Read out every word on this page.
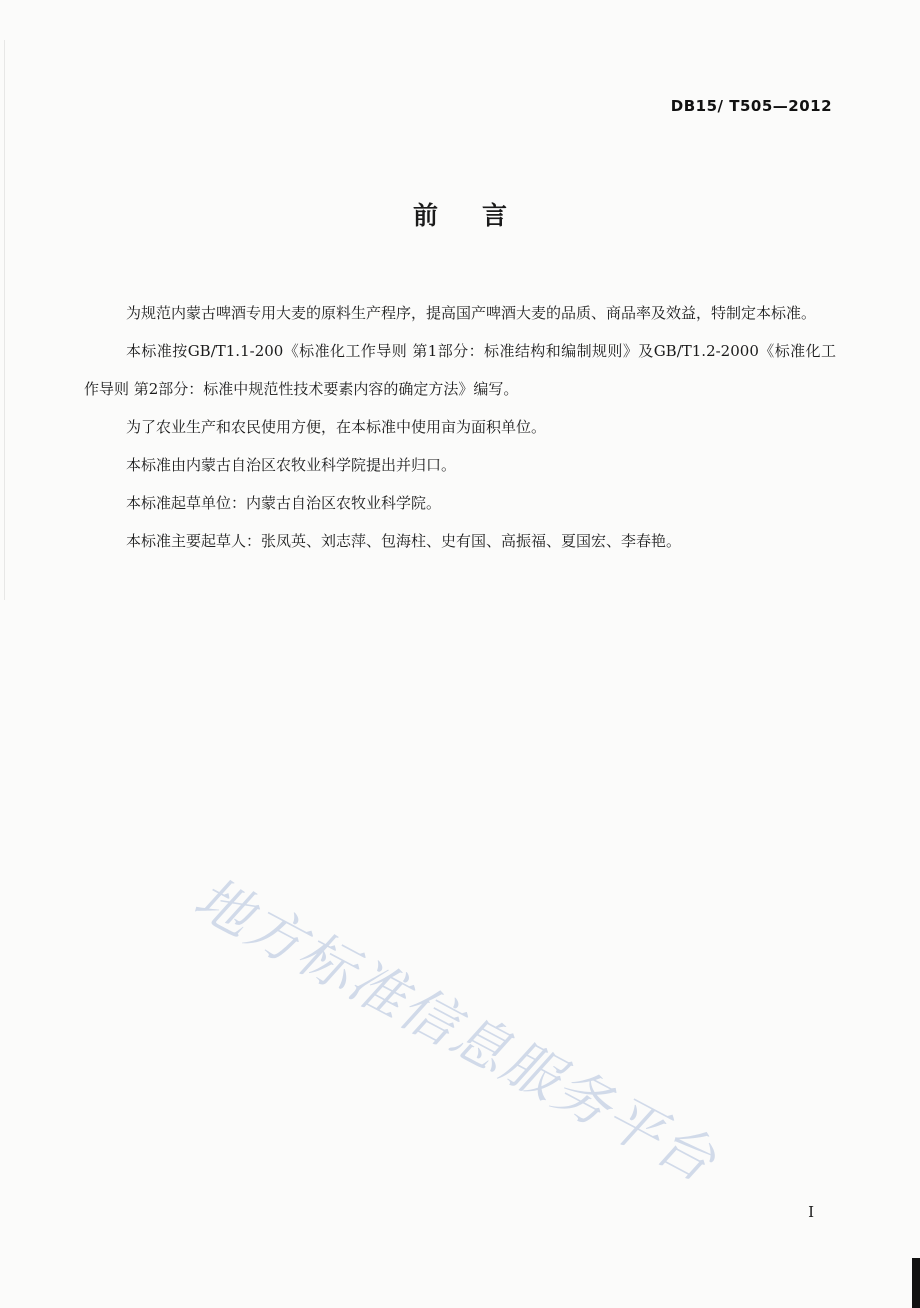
DB15/ T505—2012
前言

为规范内蒙古啤酒专用大麦的原料生产程序，提高国产啤酒大麦的品质、商品率及效益，特制定本标准。

本标准按GB/T1.1-200《标准化工作导则 第1部分：标准结构和编制规则》及GB/T1.2-2000《标准化工作导则 第2部分：标准中规范性技术要素内容的确定方法》编写。

为了农业生产和农民使用方便，在本标准中使用亩为面积单位。

本标准由内蒙古自治区农牧业科学院提出并归口。

本标准起草单位：内蒙古自治区农牧业科学院。

本标准主要起草人：张凤英、刘志萍、包海柱、史有国、高振福、夏国宏、李春艳。

地方标准信息服务平台
I
